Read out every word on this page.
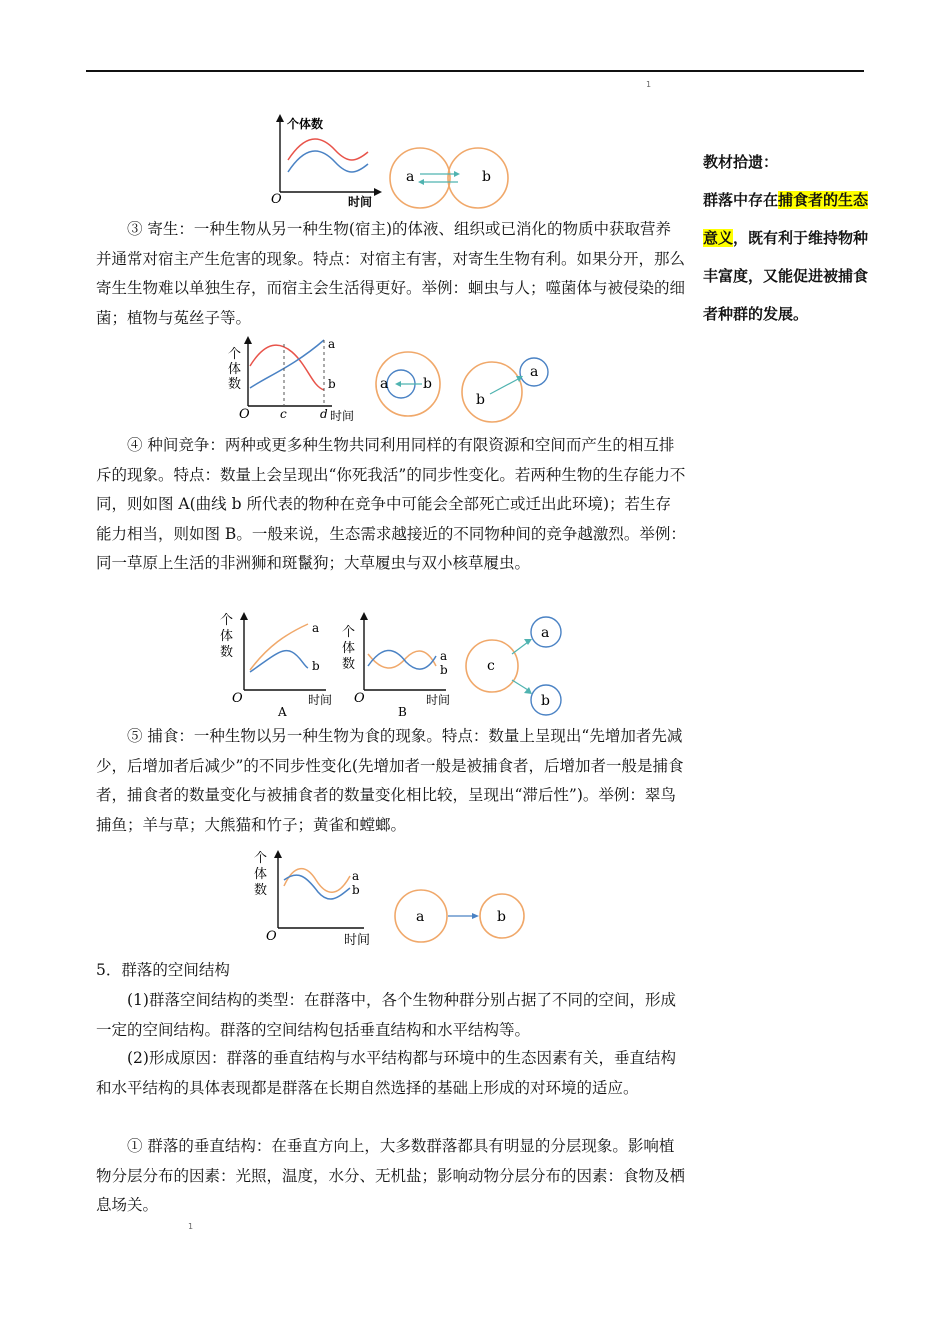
1
个体数
O	时间
a	b

③ 寄生：一种生物从另一种生物(宿主)的体液、组织或已消化的物质中获取营养并通常对宿主产生危害的现象。特点：对宿主有害，对寄生生物有利。如果分开，那么寄生生物难以单独生存，而宿主会生活得更好。举例：蛔虫与人；噬菌体与被侵染的细菌；植物与菟丝子等。

个
体
数
O	c	d 时间
a
b	a b
b
a

④ 种间竞争：两种或更多种生物共同利用同样的有限资源和空间而产生的相互排斥的现象。特点：数量上会呈现出“你死我活”的同步性变化。若两种生物的生存能力不同，则如图 A(曲线 b 所代表的物种在竞争中可能会全部死亡或迁出此环境)；若生存能力相当，则如图 B。一般来说，生态需求越接近的不同物种间的竞争越激烈。举例：同一草原上生活的非洲狮和斑鬣狗；大草履虫与双小核草履虫。

个
体
数
O	时间
a
b
A
个
体
数
O	时间
a
b
B
c
a
b

⑤ 捕食：一种生物以另一种生物为食的现象。特点：数量上呈现出“先增加者先减少，后增加者后减少”的不同步性变化(先增加者一般是被捕食者，后增加者一般是捕食者，捕食者的数量变化与被捕食者的数量变化相比较，呈现出“滞后性”)。举例：翠鸟捕鱼；羊与草；大熊猫和竹子；黄雀和螳螂。

个
体
数
O	时间
a
b
a	b

5．群落的空间结构

(1)群落空间结构的类型：在群落中，各个生物种群分别占据了不同的空间，形成一定的空间结构。群落的空间结构包括垂直结构和水平结构等。

(2)形成原因：群落的垂直结构与水平结构都与环境中的生态因素有关，垂直结构和水平结构的具体表现都是群落在长期自然选择的基础上形成的对环境的适应。

① 群落的垂直结构：在垂直方向上，大多数群落都具有明显的分层现象。影响植物分层分布的因素：光照，温度，水分、无机盐；影响动物分层分布的因素：食物及栖息场关。

1
教材拾遗：
群落中存在捕食者的生态意义，既有利于维持物种丰富度，又能促进被捕食者种群的发展。
